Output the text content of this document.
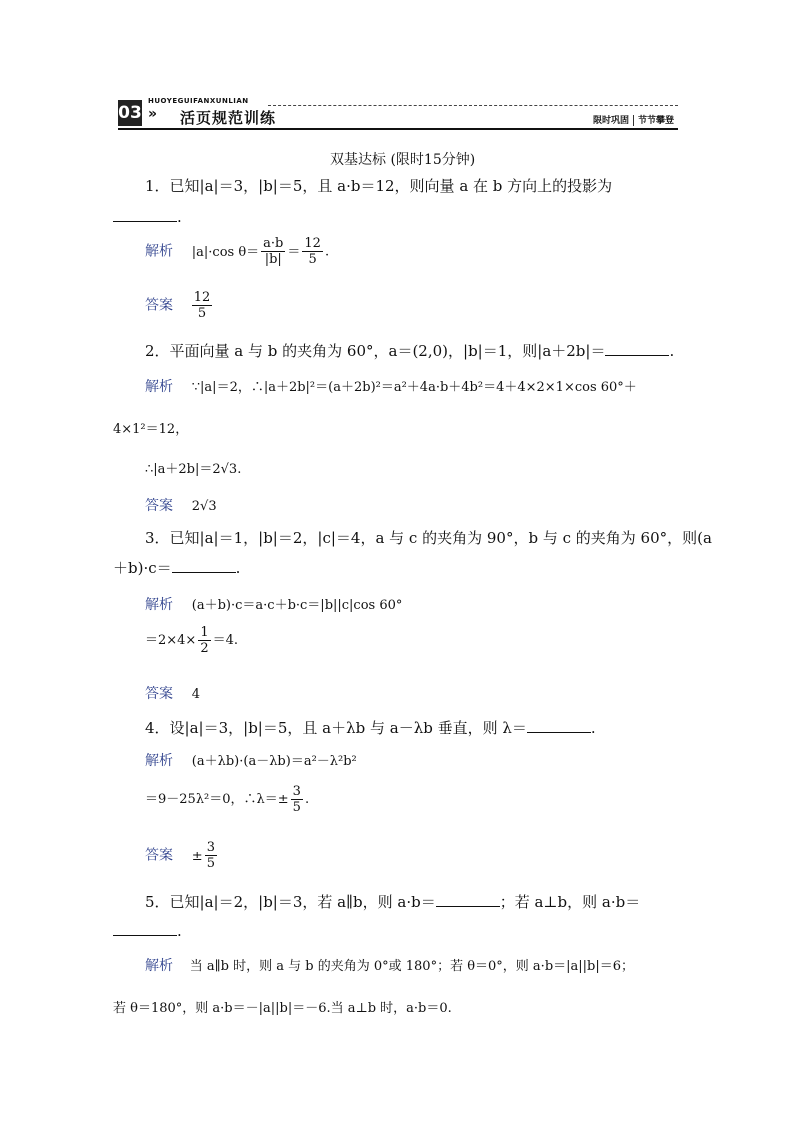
03
HUOYEGUIFANXUNLIAN
» 活页规范训练	限时巩固 节节攀登
双基达标 (限时15分钟)
1．已知|a|＝3，|b|＝5，且 a·b＝12，则向量 a 在 b 方向上的投影为
.
解析 |a|·cos $\theta= \frac{a\cdot b}{|b|} = \frac{12}{5}$ .
答案 $\frac{12}{5}$
2．平面向量 a 与 b 的夹角为 60°，a＝(2,0)，|b|＝1，则|a＋2b|＝	.
解析 ∵|a|＝2，∴|a＋2b|²＝(a＋2b)²＝a²＋4a·b＋4b²＝4＋4×2×1×cos 60°＋
4×1²＝12，
∴|a＋2b|＝2√3.
答案 2√3
3．已知|a|＝1，|b|＝2，|c|＝4，a 与 c 的夹角为 90°，b 与 c 的夹角为 60°，则(a
＋b)·c＝	.
解析 (a＋b)·c＝a·c＋b·c＝|b||c|cos 60°
$=2\times 4\times \frac{1}{2} =4$.
答案 4
4．设|a|＝3，|b|＝5，且 a＋λb 与 a－λb 垂直，则 λ＝	.
解析 (a＋λb)·(a－λb)＝a²－λ²b²
＝9－25λ²＝0，∴λ＝± $\frac{3}{5}$ .
答案 ± $\frac{3}{5}$
5．已知|a|＝2，|b|＝3，若 a∥b，则 a·b＝	；若 a⊥b，则 a·b＝
.
解析 当 a∥b 时，则 a 与 b 的夹角为 0°或 180°；若 θ＝0°，则 a·b＝|a||b|＝6；
若 θ＝180°，则 a·b＝－|a||b|＝－6.当 a⊥b 时，a·b＝0.
